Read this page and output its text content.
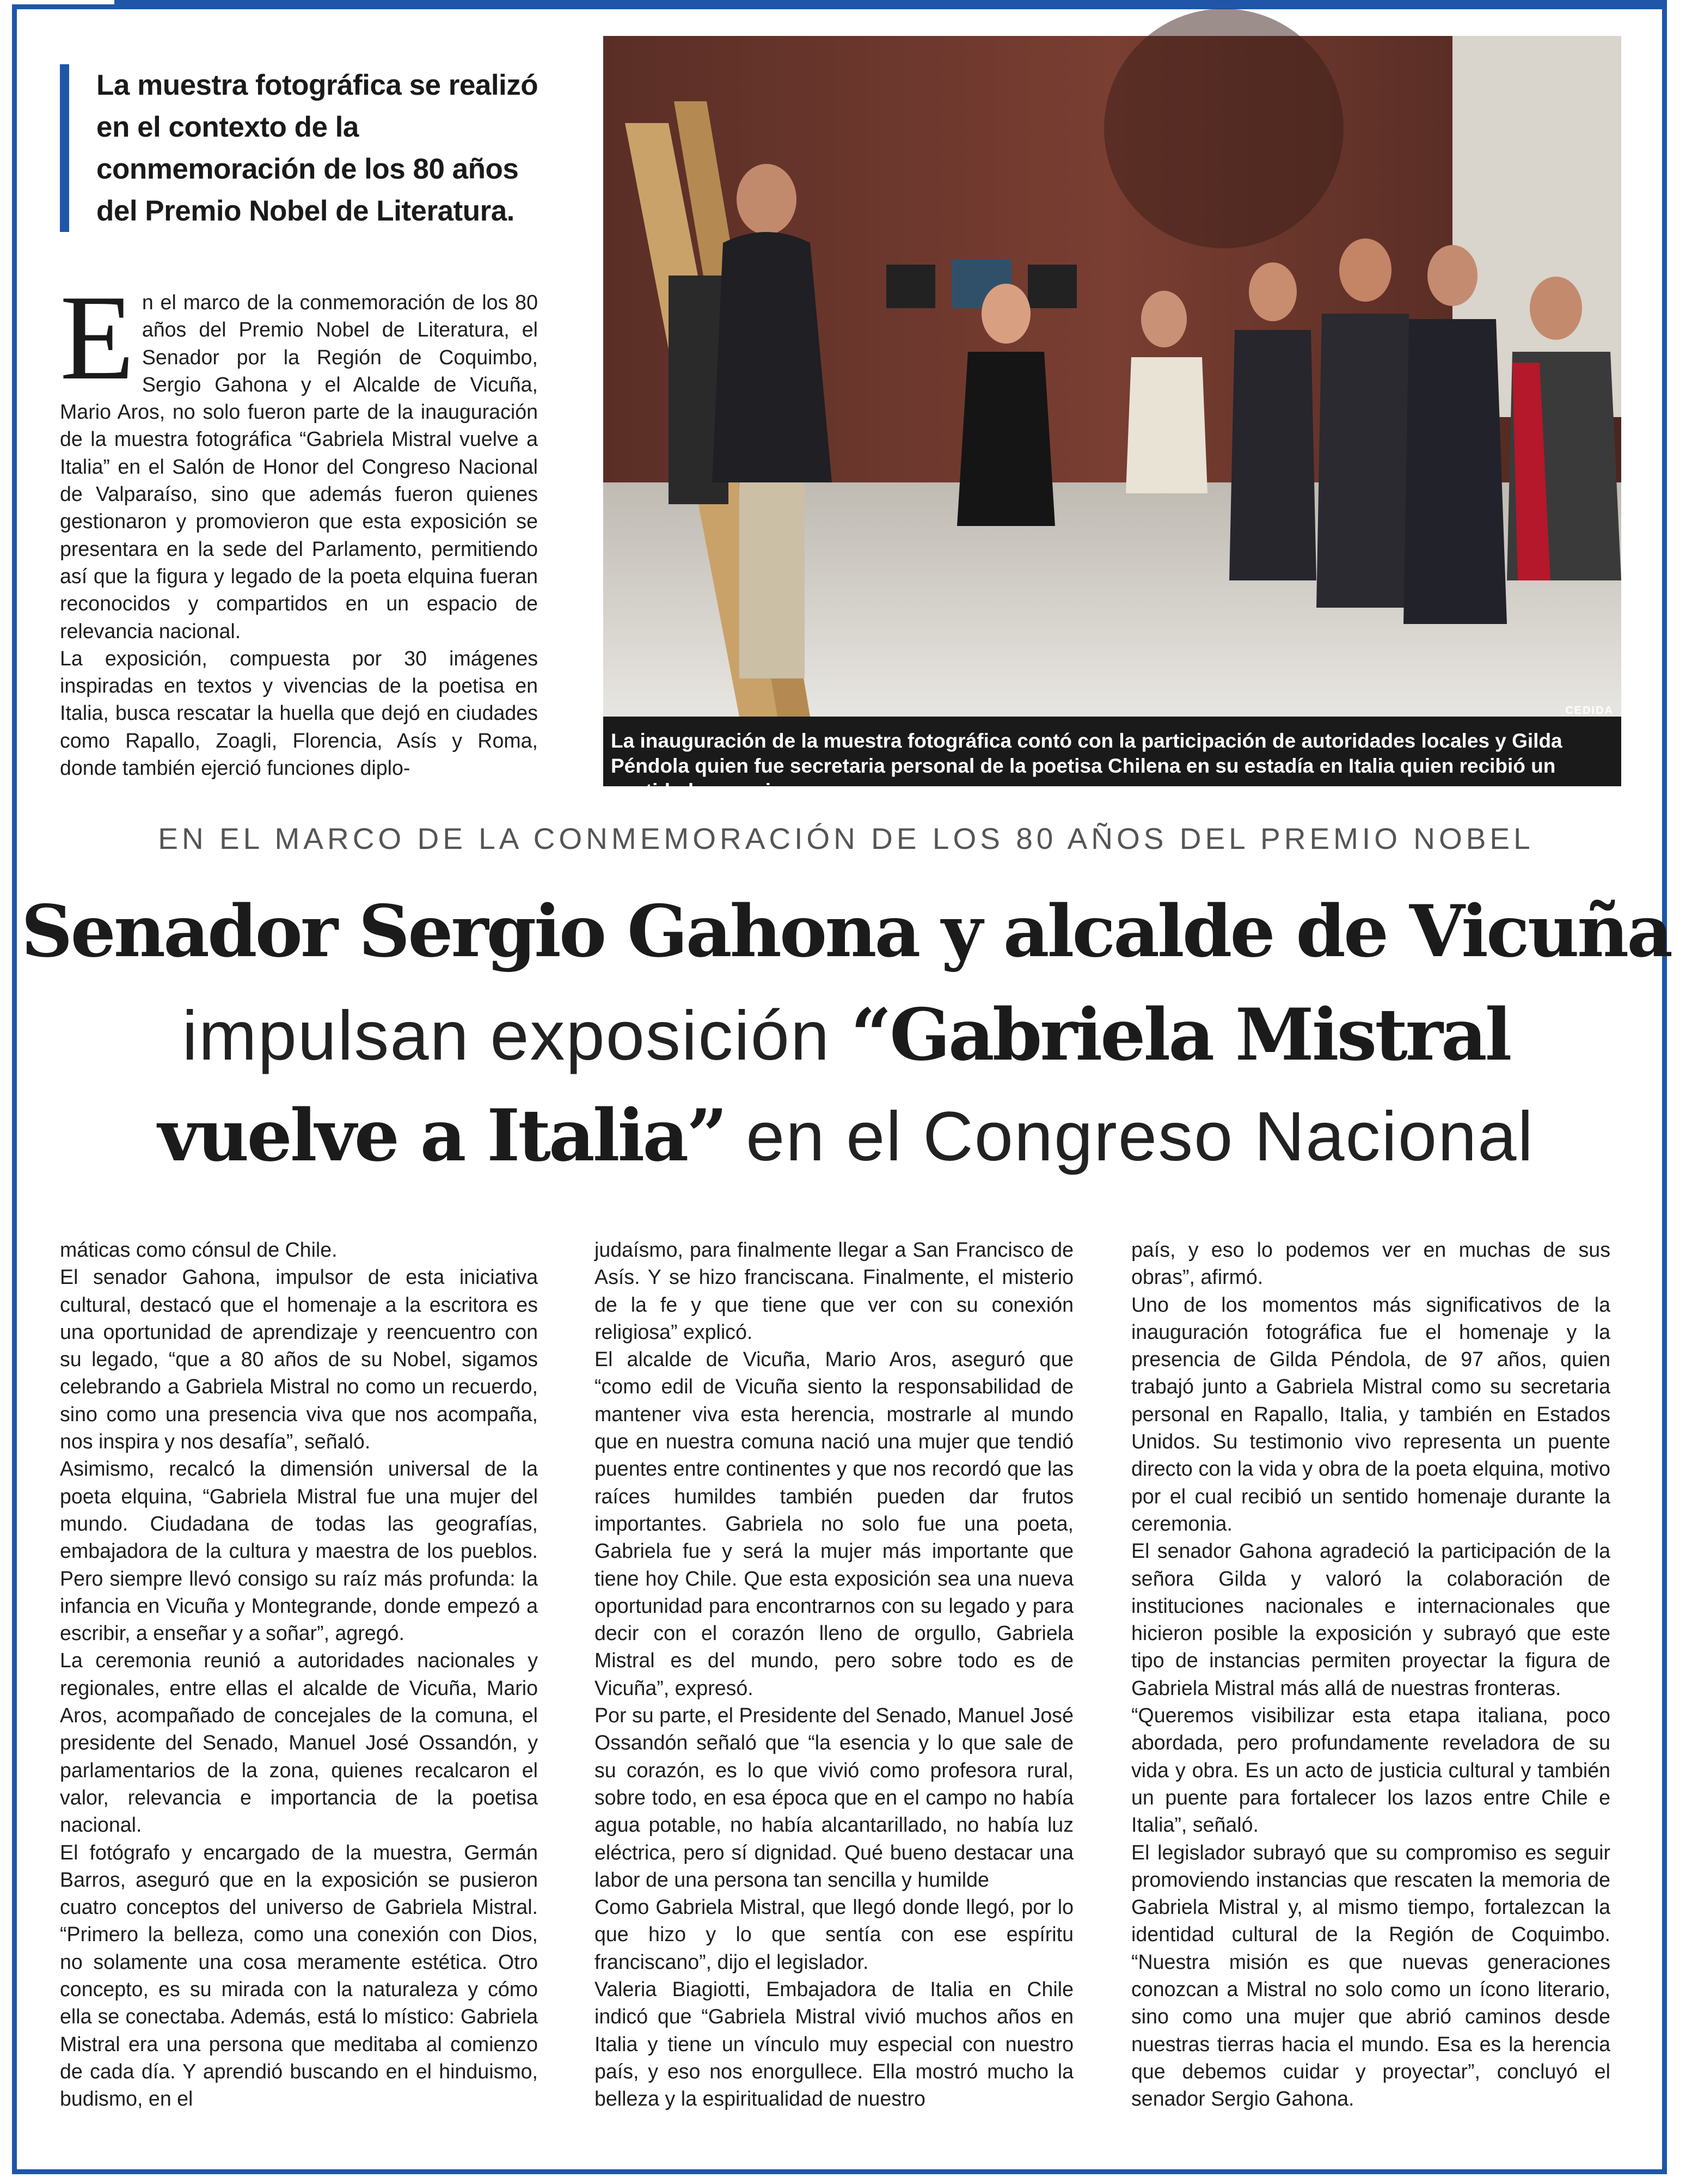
La muestra fotográfica se realizó en el contexto de la conmemoración de los 80 años del Premio Nobel de Literatura.
E n el marco de la conmemoración de los 80 años del Premio Nobel de Literatura, el Senador por la Región de Coquimbo, Sergio Gahona y el Alcalde de Vicuña, Mario Aros, no solo fueron parte de la inauguración de la muestra fotográfica “Gabriela Mistral vuelve a Italia” en el Salón de Honor del Congreso Nacional de Valparaíso, sino que además fueron quienes gestionaron y promovieron que esta exposición se presentara en la sede del Parlamento, permitiendo así que la figura y legado de la poeta elquina fueran reconocidos y compartidos en un espacio de relevancia nacional.

La exposición, compuesta por 30 imágenes inspiradas en textos y vivencias de la poetisa en Italia, busca rescatar la huella que dejó en ciudades como Rapallo, Zoagli, Florencia, Asís y Roma, donde también ejerció funciones diplo-

CEDIDA
La inauguración de la muestra fotográfica contó con la participación de autoridades locales y Gilda Péndola quien fue secretaria personal de la poetisa Chilena en su estadía en Italia quien recibió un sentido homenaje.
EN EL MARCO DE LA CONMEMORACIÓN DE LOS 80 AÑOS DEL PREMIO NOBEL
Senador Sergio Gahona y alcalde de Vicuña
impulsan exposición “Gabriela Mistral
vuelve a Italia” en el Congreso Nacional

máticas como cónsul de Chile.

El senador Gahona, impulsor de esta iniciativa cultural, destacó que el homenaje a la escritora es una oportunidad de aprendizaje y reencuentro con su legado, “que a 80 años de su Nobel, sigamos celebrando a Gabriela Mistral no como un recuerdo, sino como una presencia viva que nos acompaña, nos inspira y nos desafía”, señaló.

Asimismo, recalcó la dimensión universal de la poeta elquina, “Gabriela Mistral fue una mujer del mundo. Ciudadana de todas las geografías, embajadora de la cultura y maestra de los pueblos. Pero siempre llevó consigo su raíz más profunda: la infancia en Vicuña y Montegrande, donde empezó a escribir, a enseñar y a soñar”, agregó.

La ceremonia reunió a autoridades nacionales y regionales, entre ellas el alcalde de Vicuña, Mario Aros, acompañado de concejales de la comuna, el presidente del Senado, Manuel José Ossandón, y parlamentarios de la zona, quienes recalcaron el valor, relevancia e importancia de la poetisa nacional.

El fotógrafo y encargado de la muestra, Germán Barros, aseguró que en la exposición se pusieron cuatro conceptos del universo de Gabriela Mistral. “Primero la belleza, como una conexión con Dios, no solamente una cosa meramente estética. Otro concepto, es su mirada con la naturaleza y cómo ella se conectaba. Además, está lo místico: Gabriela Mistral era una persona que meditaba al comienzo de cada día. Y aprendió buscando en el hinduismo, budismo, en el

judaísmo, para finalmente llegar a San Francisco de Asís. Y se hizo franciscana. Finalmente, el misterio de la fe y que tiene que ver con su conexión religiosa” explicó.

El alcalde de Vicuña, Mario Aros, aseguró que “como edil de Vicuña siento la responsabilidad de mantener viva esta herencia, mostrarle al mundo que en nuestra comuna nació una mujer que tendió puentes entre continentes y que nos recordó que las raíces humildes también pueden dar frutos importantes. Gabriela no solo fue una poeta, Gabriela fue y será la mujer más importante que tiene hoy Chile. Que esta exposición sea una nueva oportunidad para encontrarnos con su legado y para decir con el corazón lleno de orgullo, Gabriela Mistral es del mundo, pero sobre todo es de Vicuña”, expresó.

Por su parte, el Presidente del Senado, Manuel José Ossandón señaló que “la esencia y lo que sale de su corazón, es lo que vivió como profesora rural, sobre todo, en esa época que en el campo no había agua potable, no había alcantarillado, no había luz eléctrica, pero sí dignidad. Qué bueno destacar una labor de una persona tan sencilla y humilde

Como Gabriela Mistral, que llegó donde llegó, por lo que hizo y lo que sentía con ese espíritu franciscano”, dijo el legislador.

Valeria Biagiotti, Embajadora de Italia en Chile indicó que “Gabriela Mistral vivió muchos años en Italia y tiene un vínculo muy especial con nuestro país, y eso nos enorgullece. Ella mostró mucho la belleza y la espiritualidad de nuestro

país, y eso lo podemos ver en muchas de sus obras”, afirmó.

Uno de los momentos más significativos de la inauguración fotográfica fue el homenaje y la presencia de Gilda Péndola, de 97 años, quien trabajó junto a Gabriela Mistral como su secretaria personal en Rapallo, Italia, y también en Estados Unidos. Su testimonio vivo representa un puente directo con la vida y obra de la poeta elquina, motivo por el cual recibió un sentido homenaje durante la ceremonia.

El senador Gahona agradeció la participación de la señora Gilda y valoró la colaboración de instituciones nacionales e internacionales que hicieron posible la exposición y subrayó que este tipo de instancias permiten proyectar la figura de Gabriela Mistral más allá de nuestras fronteras.

“Queremos visibilizar esta etapa italiana, poco abordada, pero profundamente reveladora de su vida y obra. Es un acto de justicia cultural y también un puente para fortalecer los lazos entre Chile e Italia”, señaló.

El legislador subrayó que su compromiso es seguir promoviendo instancias que rescaten la memoria de Gabriela Mistral y, al mismo tiempo, fortalezcan la identidad cultural de la Región de Coquimbo. “Nuestra misión es que nuevas generaciones conozcan a Mistral no solo como un ícono literario, sino como una mujer que abrió caminos desde nuestras tierras hacia el mundo. Esa es la herencia que debemos cuidar y proyectar”, concluyó el senador Sergio Gahona.
